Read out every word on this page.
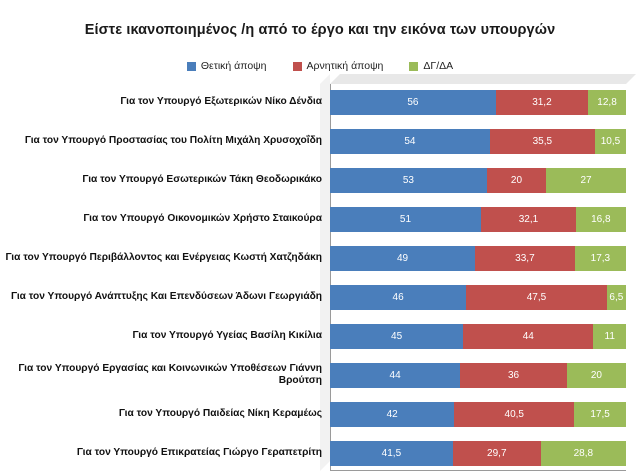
Είστε ικανοποιημένος /η από το έργο και την εικόνα των υπουργών
Θετική άποψη	Αρνητική άποψη	ΔΓ/ΔΑ
Για τον Υπουργό Εξωτερικών Νίκο Δένδια	56	31,2	12,8
Για τον Υπουργό Προστασίας του Πολίτη Μιχάλη Χρυσοχοΐδη	54	35,5	10,5
Για τον Υπουργό Εσωτερικών Τάκη Θεοδωρικάκο	53	20	27
Για τον Υπουργό Οικονομικών Χρήστο Σταικούρα	51	32,1	16,8
Για τον Υπουργό Περιβάλλοντος και Ενέργειας Κωστή Χατζηδάκη	49	33,7	17,3
Για τον Υπουργό Ανάπτυξης Και Επενδύσεων Άδωνι Γεωργιάδη	46	47,5	6,5
Για τον Υπουργό Υγείας Βασίλη Κικίλια	45	44	11
Για τον Υπουργό Εργασίας και Κοινωνικών Υποθέσεων Γιάννη Βρούτση	44	36	20
Για τον Υπουργό Παιδείας Νίκη Κεραμέως	42	40,5	17,5
Για τον Υπουργό Επικρατείας Γιώργο Γεραπετρίτη	41,5	29,7	28,8
